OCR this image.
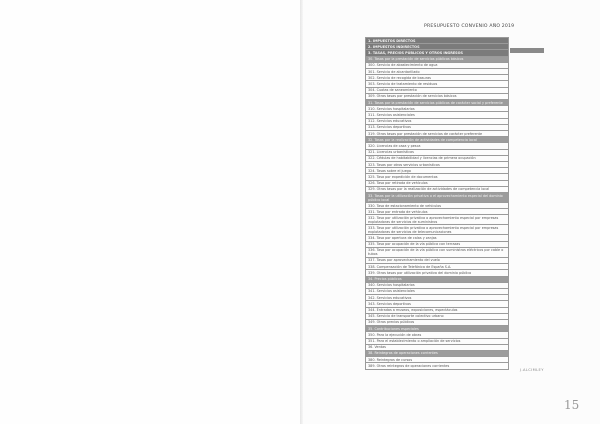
PRESUPUESTO CONVENIO AÑO 2019
1. IMPUESTOS DIRECTOS
2. IMPUESTOS INDIRECTOS
3. TASAS, PRECIOS PÚBLICOS Y OTROS INGRESOS
30. Tasas por la prestación de servicios públicos básicos
300. Servicio de abastecimiento de agua
301. Servicio de alcantarillado
302. Servicio de recogida de basuras
303. Servicio de tratamiento de residuos
304. Cuotas de saneamiento
309. Otras tasas por prestación de servicios básicos
31. Tasas por la prestación de servicios públicos de carácter social y preferente
310. Servicios hospitalarios
311. Servicios asistenciales
312. Servicios educativos
313. Servicios deportivos
319. Otras tasas por prestación de servicios de carácter preferente
32. Tasas por la realización de actividades de competencia local
320. Licencias de caza y pesca
321. Licencias urbanísticas
322. Cédulas de habitabilidad y licencias de primera ocupación
323. Tasas por otros servicios urbanísticos
324. Tasas sobre el juego
325. Tasa por expedición de documentos
326. Tasa por retirada de vehículos
329. Otras tasas por la realización de actividades de competencia local
33. Tasas por la utilización privativa o el aprovechamiento especial del dominio público local
330. Tasa de estacionamiento de vehículos
331. Tasa por entrada de vehículos
332. Tasa por utilización privativa o aprovechamiento especial por empresas explotadoras de servicios de suministros
333. Tasa por utilización privativa o aprovechamiento especial por empresas explotadoras de servicios de telecomunicaciones
334. Tasa por apertura de calas y zanjas
335. Tasa por ocupación de la vía pública con terrazas
336. Tasa por ocupación de la vía pública con suministros eléctricos por cable o tubos
337. Tasas por aprovechamiento del vuelo
338. Compensación de Telefónica de España S.A.
339. Otras tasas por utilización privativa del dominio público
34. Precios públicos
340. Servicios hospitalarios
341. Servicios asistenciales
342. Servicios educativos
343. Servicios deportivos
344. Entradas a museos, exposiciones, espectáculos
345. Servicio de transporte colectivo urbano
349. Otros precios públicos
35. Contribuciones especiales
350. Para la ejecución de obras
351. Para el establecimiento o ampliación de servicios
36. Ventas
38. Reintegros de operaciones corrientes
380. Reintegros de cursos
389. Otros reintegros de operaciones corrientes
J.ALCIMLEY
15
